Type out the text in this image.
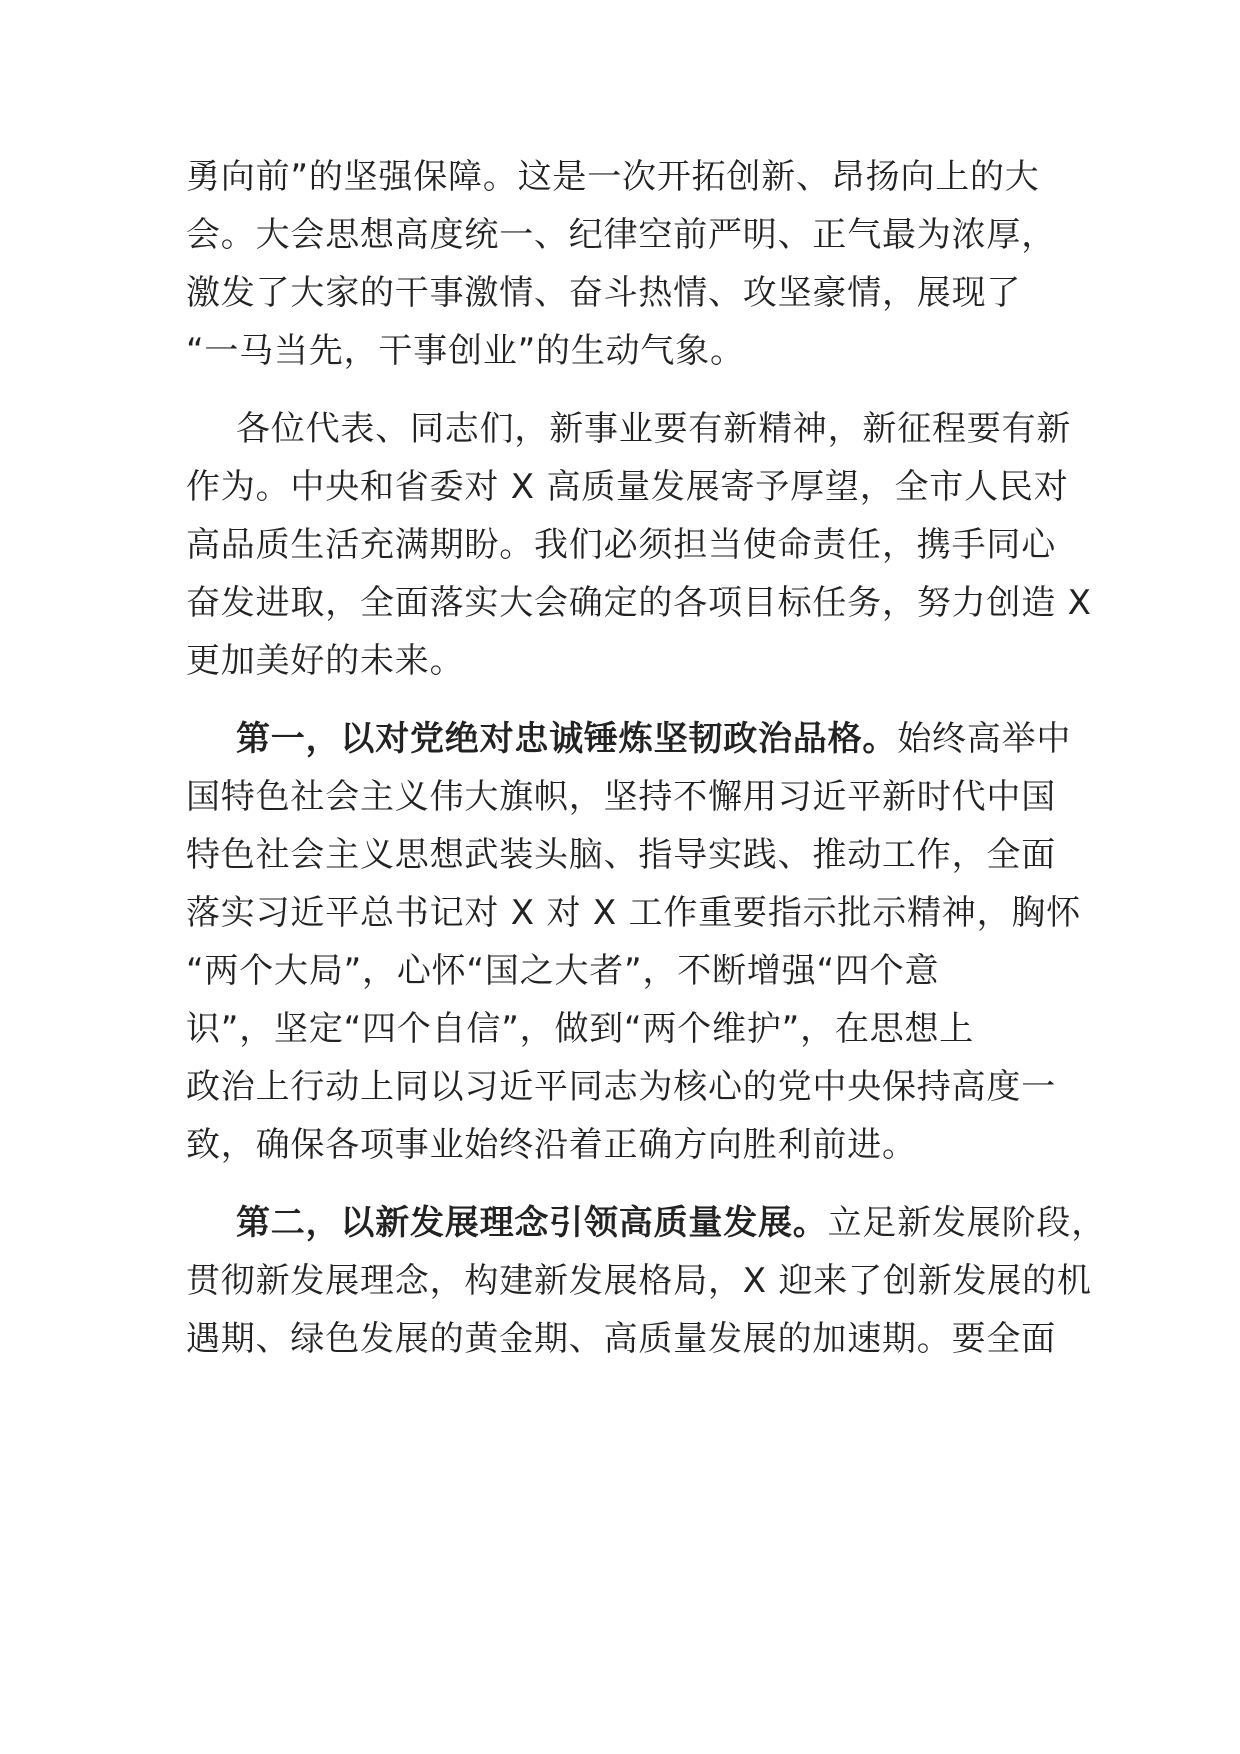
勇向前”的坚强保障。这是一次开拓创新、昂扬向上的大
会。大会思想高度统一、纪律空前严明、正气最为浓厚，
激发了大家的干事激情、奋斗热情、攻坚豪情，展现了
“一马当先，干事创业”的生动气象。
各位代表、同志们，新事业要有新精神，新征程要有新
作为。中央和省委对 X 高质量发展寄予厚望，全市人民对
高品质生活充满期盼。我们必须担当使命责任，携手同心
奋发进取，全面落实大会确定的各项目标任务，努力创造 X
更加美好的未来。
第一，以对党绝对忠诚锤炼坚韧政治品格。始终高举中
国特色社会主义伟大旗帜，坚持不懈用习近平新时代中国
特色社会主义思想武装头脑、指导实践、推动工作，全面
落实习近平总书记对 X 对 X 工作重要指示批示精神，胸怀
“两个大局”，心怀“国之大者”，不断增强“四个意
识”，坚定“四个自信”，做到“两个维护”，在思想上
政治上行动上同以习近平同志为核心的党中央保持高度一
致，确保各项事业始终沿着正确方向胜利前进。
第二，以新发展理念引领高质量发展。立足新发展阶段，
贯彻新发展理念，构建新发展格局，X 迎来了创新发展的机
遇期、绿色发展的黄金期、高质量发展的加速期。要全面
